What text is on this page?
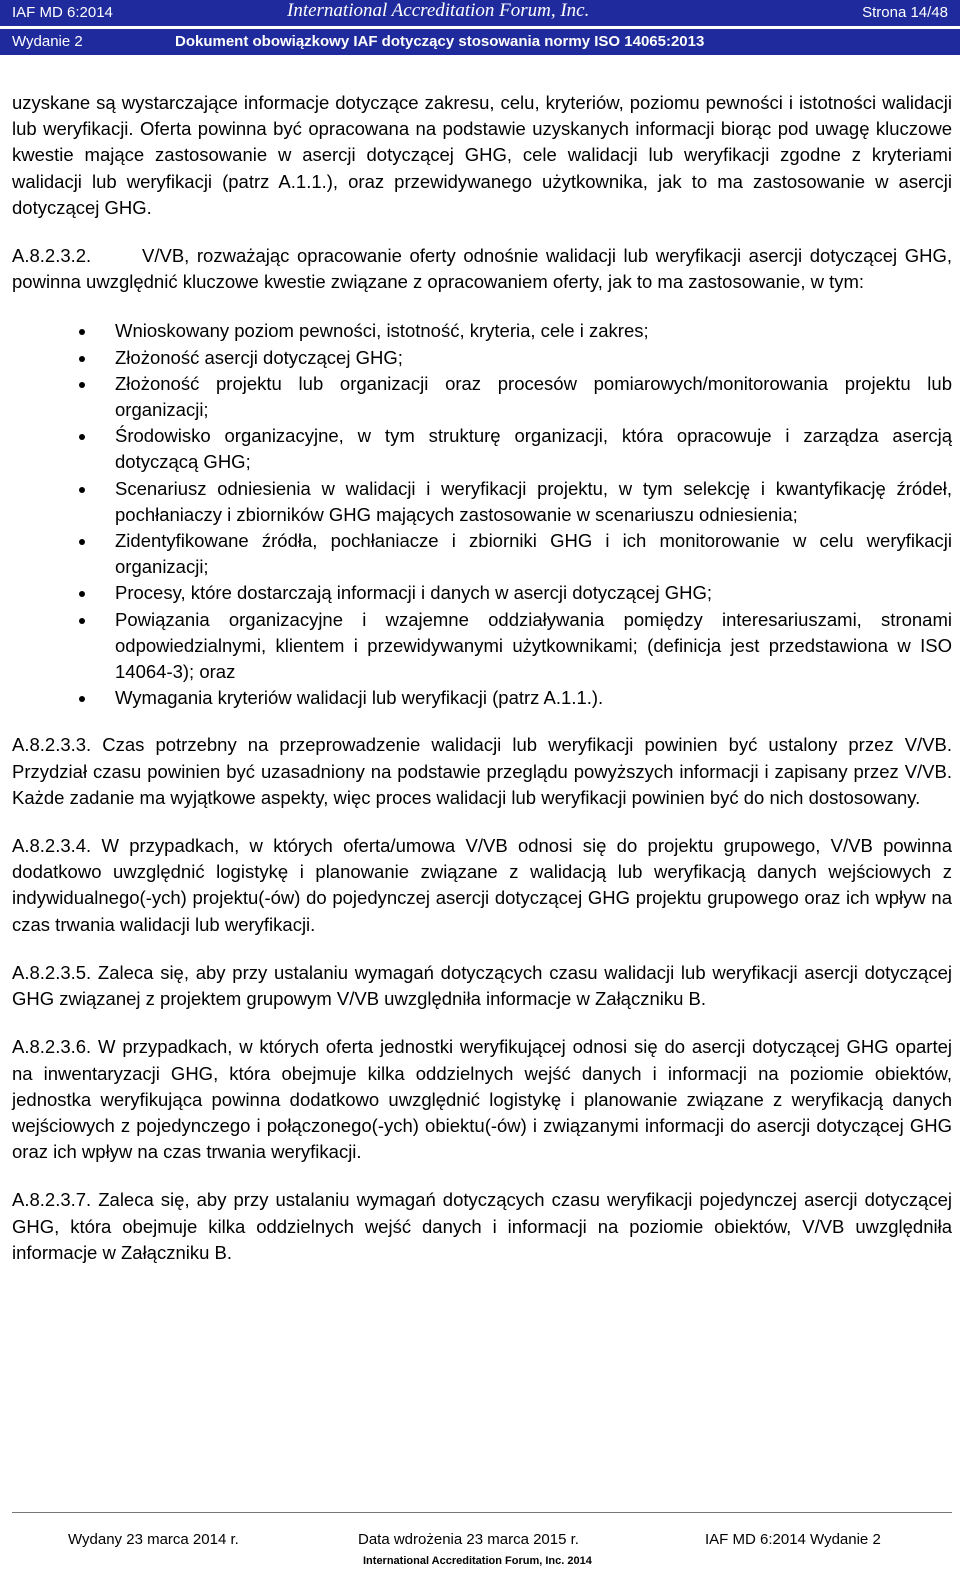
IAF MD 6:2014	International Accreditation Forum, Inc.	Strona 14/48
Wydanie 2	Dokument obowiązkowy IAF dotyczący stosowania normy ISO 14065:2013

uzyskane są wystarczające informacje dotyczące zakresu, celu, kryteriów, poziomu pewności i istotności walidacji lub weryfikacji. Oferta powinna być opracowana na podstawie uzyskanych informacji biorąc pod uwagę kluczowe kwestie mające zastosowanie w asercji dotyczącej GHG, cele walidacji lub weryfikacji zgodne z kryteriami walidacji lub weryfikacji (patrz A.1.1.), oraz przewidywanego użytkownika, jak to ma zastosowanie w asercji dotyczącej GHG.

A.8.2.3.2.	V/VB, rozważając opracowanie oferty odnośnie walidacji lub weryfikacji asercji dotyczącej GHG, powinna uwzględnić kluczowe kwestie związane z opracowaniem oferty, jak to ma zastosowanie, w tym:

Wnioskowany poziom pewności, istotność, kryteria, cele i zakres;
Złożoność asercji dotyczącej GHG;
Złożoność projektu lub organizacji oraz procesów pomiarowych/monitorowania projektu lub organizacji;
Środowisko organizacyjne, w tym strukturę organizacji, która opracowuje i zarządza asercją dotyczącą GHG;
Scenariusz odniesienia w walidacji i weryfikacji projektu, w tym selekcję i kwantyfikację źródeł, pochłaniaczy i zbiorników GHG mających zastosowanie w scenariuszu odniesienia;
Zidentyfikowane źródła, pochłaniacze i zbiorniki GHG i ich monitorowanie w celu weryfikacji organizacji;
Procesy, które dostarczają informacji i danych w asercji dotyczącej GHG;
Powiązania organizacyjne i wzajemne oddziaływania pomiędzy interesariuszami, stronami odpowiedzialnymi, klientem i przewidywanymi użytkownikami; (definicja jest przedstawiona w ISO 14064-3); oraz
Wymagania kryteriów walidacji lub weryfikacji (patrz A.1.1.).

A.8.2.3.3. Czas potrzebny na przeprowadzenie walidacji lub weryfikacji powinien być ustalony przez V/VB. Przydział czasu powinien być uzasadniony na podstawie przeglądu powyższych informacji i zapisany przez V/VB. Każde zadanie ma wyjątkowe aspekty, więc proces walidacji lub weryfikacji powinien być do nich dostosowany.

A.8.2.3.4. W przypadkach, w których oferta/umowa V/VB odnosi się do projektu grupowego, V/VB powinna dodatkowo uwzględnić logistykę i planowanie związane z walidacją lub weryfikacją danych wejściowych z indywidualnego(-ych) projektu(-ów) do pojedynczej asercji dotyczącej GHG projektu grupowego oraz ich wpływ na czas trwania walidacji lub weryfikacji.

A.8.2.3.5. Zaleca się, aby przy ustalaniu wymagań dotyczących czasu walidacji lub weryfikacji asercji dotyczącej GHG związanej z projektem grupowym V/VB uwzględniła informacje w Załączniku B.

A.8.2.3.6. W przypadkach, w których oferta jednostki weryfikującej odnosi się do asercji dotyczącej GHG opartej na inwentaryzacji GHG, która obejmuje kilka oddzielnych wejść danych i informacji na poziomie obiektów, jednostka weryfikująca powinna dodatkowo uwzględnić logistykę i planowanie związane z weryfikacją danych wejściowych z pojedynczego i połączonego(-ych) obiektu(-ów) i związanymi informacji do asercji dotyczącej GHG oraz ich wpływ na czas trwania weryfikacji.

A.8.2.3.7. Zaleca się, aby przy ustalaniu wymagań dotyczących czasu weryfikacji pojedynczej asercji dotyczącej GHG, która obejmuje kilka oddzielnych wejść danych i informacji na poziomie obiektów, V/VB uwzględniła informacje w Załączniku B.

Wydany 23 marca 2014 r.	Data wdrożenia 23 marca 2015 r.	IAF MD 6:2014 Wydanie 2
International Accreditation Forum, Inc. 2014
